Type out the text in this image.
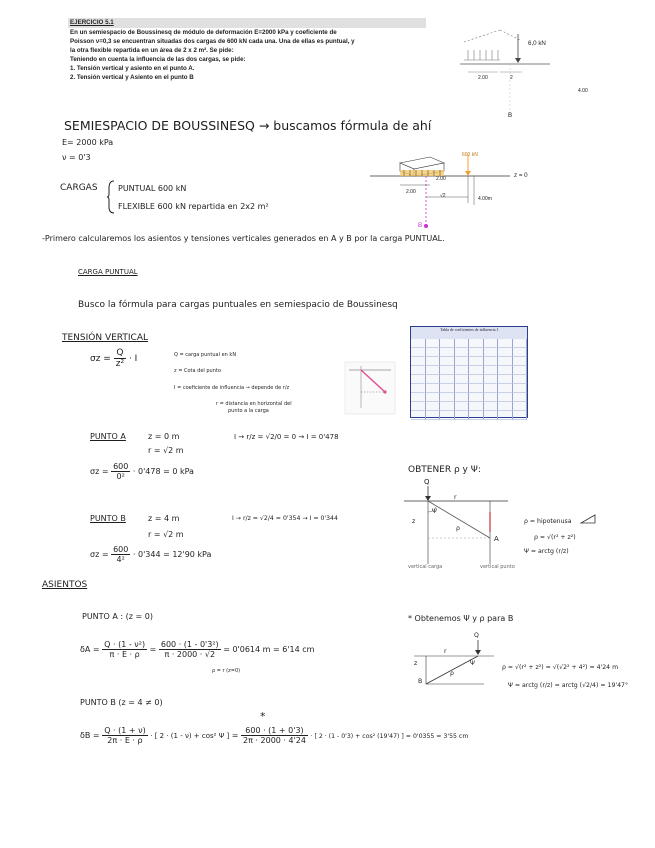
EJERCICIO 5.1
En un semiespacio de Boussinesq de módulo de deformación E=2000 kPa y coeficiente de
Poisson ν=0,3 se encuentran situadas dos cargas de 600 kN cada una. Una de ellas es puntual, y
la otra flexible repartida en un área de 2 x 2 m². Se pide:
Teniendo en cuenta la influencia de las dos cargas, se pide:
1. Tensión vertical y asiento en el punto A.
2. Tensión vertical y Asiento en el punto B
6,0 kN
2.00	2
4.00
B
SEMIESPACIO DE BOUSSINESQ → buscamos fórmula de ahí
E= 2000 kPa
ν = 0'3
CARGAS	PUNTUAL 600 kN
FLEXIBLE 600 kN repartida en 2x2 m²
600 kN
z = 0
2.00
2.00
√2	4.00m
B
-Primero calcularemos los asientos y tensiones verticales generados en A y B por la carga PUNTUAL.
CARGA PUNTUAL
Busco la fórmula para cargas puntuales en semiespacio de Boussinesq
TENSIÓN VERTICAL
$\sigma z = \frac{Q}{\text{z²}} \cdot I$	Q = carga puntual en kN
z = Cota del punto
I = coeficiente de influencia → depende de r/z
r = distancia en horizontal del
punto a la carga
Tabla de coeficientes de influencia I
PUNTO A	z = 0 m
r = √2 m
I → r/z = √2/0 = 0 → I = 0'478
$\sigma z = \frac{600}{\text{0²}} \cdot 0'478 = 0$ kPa
PUNTO B	z = 4 m
r = √2 m
I → r/z = √2/4 = 0'354 → I = 0'344
$\sigma z = \frac{600}{\text{4²}} \cdot 0'344 = 12'90$ kPa
OBTENER ρ y Ψ:
Q
r
z
ρ
Ψ
A
vertical carga	vertical punto
ρ = hipotenusa
ρ = √(r² + z²)
Ψ = arctg (r/z)
ASIENTOS
PUNTO A : (z = 0)
$\delta A = \frac{\text{Q · (1 - ν²)}}{\pi \cdot E \cdot \rho} = \frac{\text{600 · (1 - 0'3²)}}{\pi \cdot 2000 \cdot √2} = 0'0614$ m = 6'14 cm
ρ = r (z=0)
* Obtenemos Ψ y ρ para B
Q
r
z
ρ
Ψ
B
ρ = √(r² + z²) = √(√2² + 4²) = 4'24 m
Ψ = arctg (r/z) = arctg (√2/4) = 19'47°
PUNTO B (z = 4 ≠ 0)
*
$\delta B = \frac{Q \cdot (1 + \nu)}{2\pi \cdot E \cdot \rho}$ · [ 2 · (1 - ν) + cos² Ψ ] = $\frac{600 \cdot (1 + 0'3)}{2\pi \cdot 2000 \cdot 4'24}$ · [ 2 · (1 - 0'3) + cos² (19'47) ] = 0'0355 = 3'55 cm
